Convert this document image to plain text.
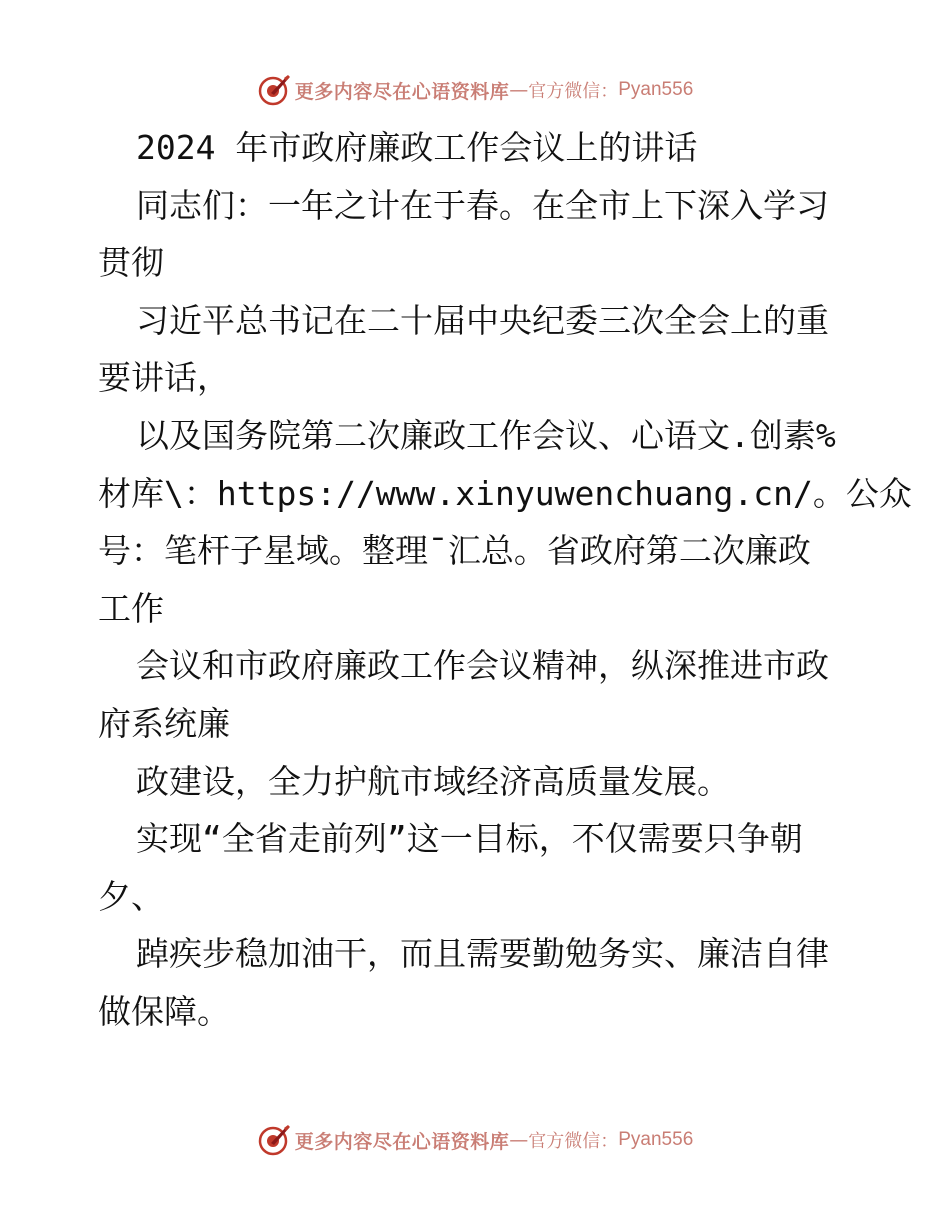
更多内容尽在心语资料库 — 官方微信： Pyan556
2024 年市政府廉政工作会议上的讲话
同志们：一年之计在于春。在全市上下深入学习
贯彻
习近平总书记在二十届中央纪委三次全会上的重
要讲话，
以及国务院第二次廉政工作会议、心语文.创素%
材库\：https://www.xinyuwenchuang.cn/。公众
号：笔杆子星域。整理¯汇总。省政府第二次廉政
工作
会议和市政府廉政工作会议精神，纵深推进市政
府系统廉
政建设，全力护航市域经济高质量发展。
实现“全省走前列”这一目标，不仅需要只争朝
夕、
踔疾步稳加油干，而且需要勤勉务实、廉洁自律
做保障。
更多内容尽在心语资料库 — 官方微信： Pyan556
